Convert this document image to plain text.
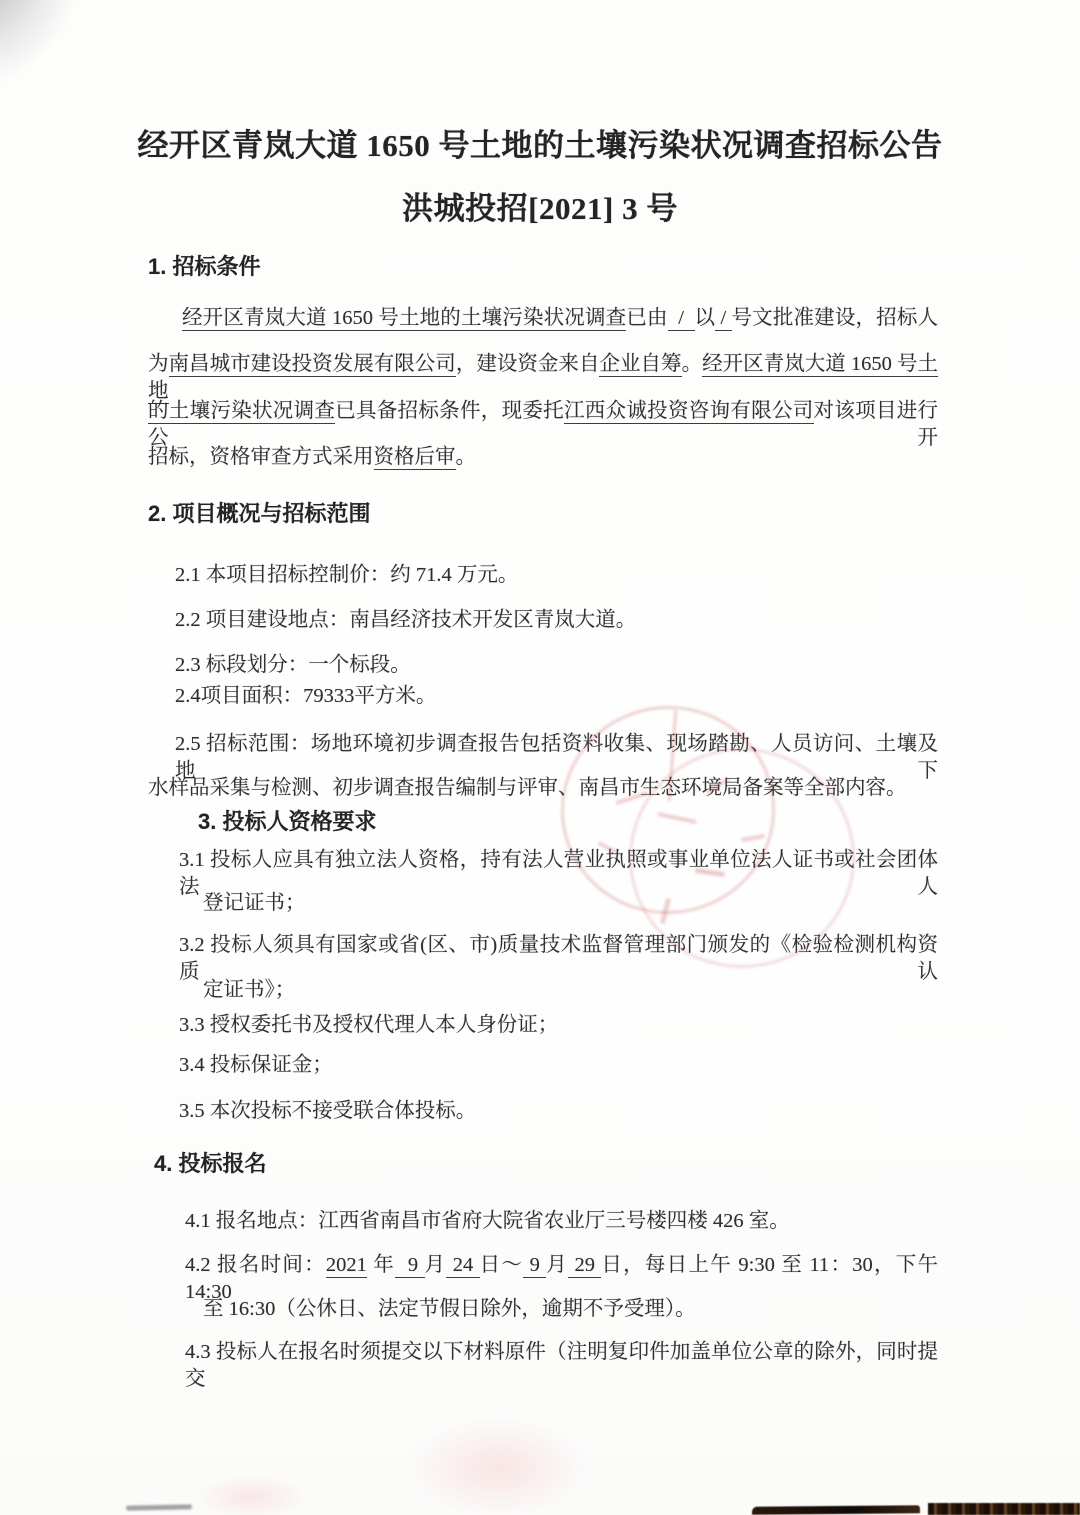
经开区青岚大道 1650 号土地的土壤污染状况调查招标公告
洪城投招[2021] 3 号
1. 招标条件
经开区青岚大道 1650 号土地的土壤污染状况调查已由  /  以 / 号文批准建设，招标人
为南昌城市建设投资发展有限公司，建设资金来自企业自筹。经开区青岚大道 1650 号土地
的土壤污染状况调查已具备招标条件，现委托江西众诚投资咨询有限公司对该项目进行公开
招标，资格审查方式采用资格后审。
2. 项目概况与招标范围
2.1 本项目招标控制价：约 71.4 万元。
2.2 项目建设地点：南昌经济技术开发区青岚大道。
2.3 标段划分：一个标段。
2.4项目面积：79333平方米。
2.5 招标范围：场地环境初步调查报告包括资料收集、现场踏勘、人员访问、土壤及地下
水样品采集与检测、初步调查报告编制与评审、南昌市生态环境局备案等全部内容。
3. 投标人资格要求
3.1 投标人应具有独立法人资格，持有法人营业执照或事业单位法人证书或社会团体法人
登记证书；
3.2 投标人须具有国家或省(区、市)质量技术监督管理部门颁发的《检验检测机构资质认
定证书》；
3.3 授权委托书及授权代理人本人身份证；
3.4 投标保证金；
3.5 本次投标不接受联合体投标。
4. 投标报名
4.1 报名地点：江西省南昌市省府大院省农业厅三号楼四楼 426 室。
4.2 报名时间：2021 年  9 月 24 日～ 9 月 29 日，每日上午 9:30 至 11：30，下午 14:30
至 16:30（公休日、法定节假日除外，逾期不予受理）。
4.3 投标人在报名时须提交以下材料原件（注明复印件加盖单位公章的除外，同时提交
